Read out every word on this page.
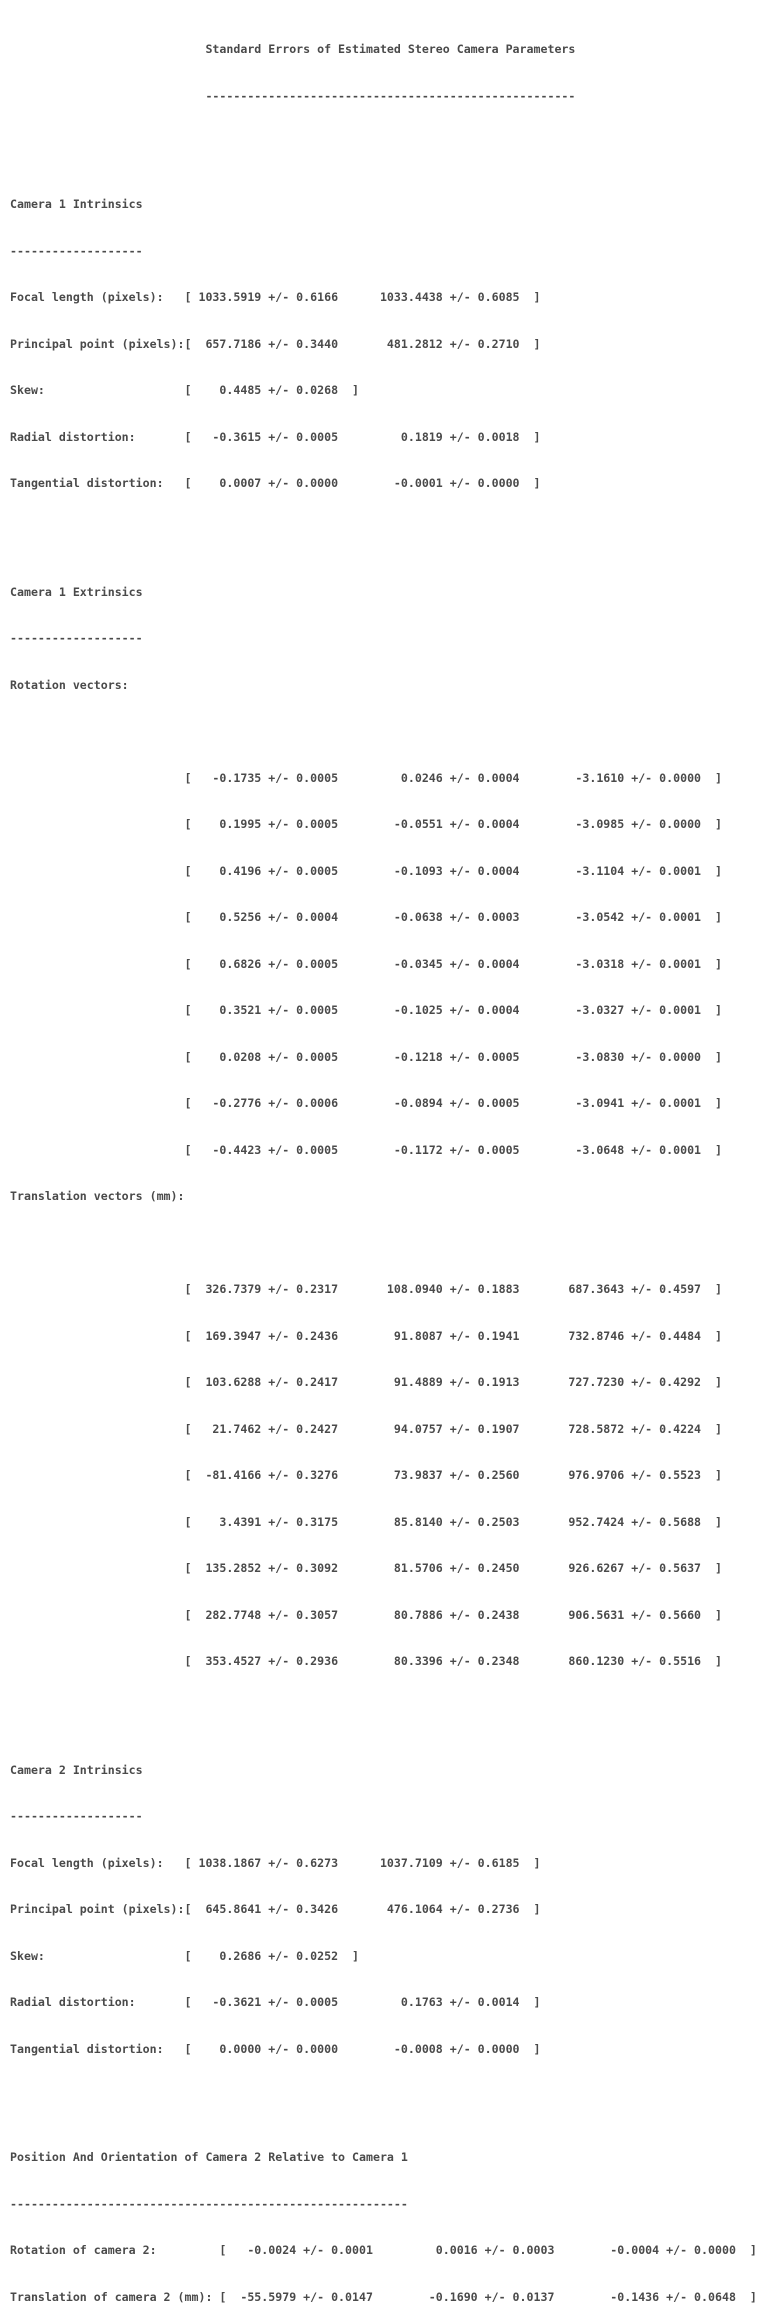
Standard Errors of Estimated Stereo Camera Parameters

-----------------------------------------------------

Camera 1 Intrinsics

-------------------

Focal length (pixels):   [ 1033.5919 +/- 0.6166      1033.4438 +/- 0.6085  ]

Principal point (pixels):[  657.7186 +/- 0.3440       481.2812 +/- 0.2710  ]

Skew:                    [    0.4485 +/- 0.0268  ]

Radial distortion:       [   -0.3615 +/- 0.0005         0.1819 +/- 0.0018  ]

Tangential distortion:   [    0.0007 +/- 0.0000        -0.0001 +/- 0.0000  ]

Camera 1 Extrinsics

-------------------

Rotation vectors:

[   -0.1735 +/- 0.0005         0.0246 +/- 0.0004        -3.1610 +/- 0.0000  ]

[    0.1995 +/- 0.0005        -0.0551 +/- 0.0004        -3.0985 +/- 0.0000  ]

[    0.4196 +/- 0.0005        -0.1093 +/- 0.0004        -3.1104 +/- 0.0001  ]

[    0.5256 +/- 0.0004        -0.0638 +/- 0.0003        -3.0542 +/- 0.0001  ]

[    0.6826 +/- 0.0005        -0.0345 +/- 0.0004        -3.0318 +/- 0.0001  ]

[    0.3521 +/- 0.0005        -0.1025 +/- 0.0004        -3.0327 +/- 0.0001  ]

[    0.0208 +/- 0.0005        -0.1218 +/- 0.0005        -3.0830 +/- 0.0000  ]

[   -0.2776 +/- 0.0006        -0.0894 +/- 0.0005        -3.0941 +/- 0.0001  ]

[   -0.4423 +/- 0.0005        -0.1172 +/- 0.0005        -3.0648 +/- 0.0001  ]

Translation vectors (mm):

[  326.7379 +/- 0.2317       108.0940 +/- 0.1883       687.3643 +/- 0.4597  ]

[  169.3947 +/- 0.2436        91.8087 +/- 0.1941       732.8746 +/- 0.4484  ]

[  103.6288 +/- 0.2417        91.4889 +/- 0.1913       727.7230 +/- 0.4292  ]

[   21.7462 +/- 0.2427        94.0757 +/- 0.1907       728.5872 +/- 0.4224  ]

[  -81.4166 +/- 0.3276        73.9837 +/- 0.2560       976.9706 +/- 0.5523  ]

[    3.4391 +/- 0.3175        85.8140 +/- 0.2503       952.7424 +/- 0.5688  ]

[  135.2852 +/- 0.3092        81.5706 +/- 0.2450       926.6267 +/- 0.5637  ]

[  282.7748 +/- 0.3057        80.7886 +/- 0.2438       906.5631 +/- 0.5660  ]

[  353.4527 +/- 0.2936        80.3396 +/- 0.2348       860.1230 +/- 0.5516  ]

Camera 2 Intrinsics

-------------------

Focal length (pixels):   [ 1038.1867 +/- 0.6273      1037.7109 +/- 0.6185  ]

Principal point (pixels):[  645.8641 +/- 0.3426       476.1064 +/- 0.2736  ]

Skew:                    [    0.2686 +/- 0.0252  ]

Radial distortion:       [   -0.3621 +/- 0.0005         0.1763 +/- 0.0014  ]

Tangential distortion:   [    0.0000 +/- 0.0000        -0.0008 +/- 0.0000  ]

Position And Orientation of Camera 2 Relative to Camera 1

---------------------------------------------------------

Rotation of camera 2:         [   -0.0024 +/- 0.0001         0.0016 +/- 0.0003        -0.0004 +/- 0.0000  ]

Translation of camera 2 (mm): [  -55.5979 +/- 0.0147        -0.1690 +/- 0.0137        -0.1436 +/- 0.0648  ]
